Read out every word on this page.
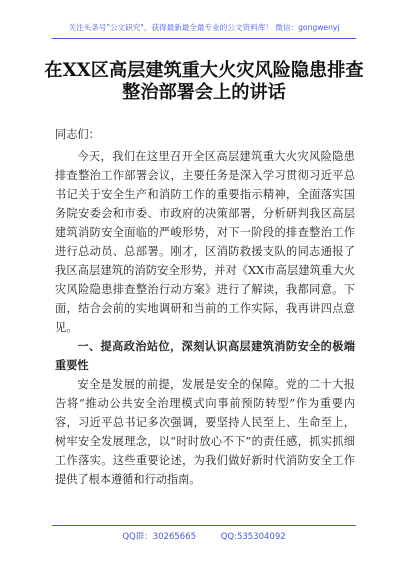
关注头条号"公文研究"，获得最新最全最专业的公文资料库！ 微信：gongwenyj
在XX区高层建筑重大火灾风险隐患排查
整治部署会上的讲话

同志们：

今天，我们在这里召开全区高层建筑重大火灾风险隐患排查整治工作部署会议，主要任务是深入学习贯彻习近平总书记关于安全生产和消防工作的重要指示精神，全面落实国务院安委会和市委、市政府的决策部署，分析研判我区高层建筑消防安全面临的严峻形势，对下一阶段的排查整治工作进行总动员、总部署。刚才，区消防救援支队的同志通报了我区高层建筑的消防安全形势，并对《XX市高层建筑重大火灾风险隐患排查整治行动方案》进行了解读，我都同意。下面，结合会前的实地调研和当前的工作实际，我再讲四点意见。

一、提高政治站位，深刻认识高层建筑消防安全的极端重要性

安全是发展的前提，发展是安全的保障。党的二十大报告将“推动公共安全治理模式向事前预防转型”作为重要内容，习近平总书记多次强调，要坚持人民至上、生命至上，树牢安全发展理念，以“时时放心不下”的责任感，抓实抓细工作落实。这些重要论述，为我们做好新时代消防安全工作提供了根本遵循和行动指南。

QQ群：30265665	QQ:535304092
